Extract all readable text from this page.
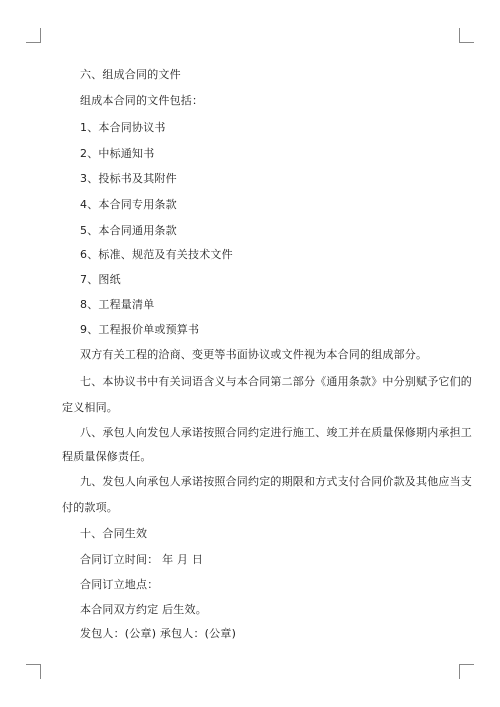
六、组成合同的文件
组成本合同的文件包括：
1、本合同协议书
2、中标通知书
3、投标书及其附件
4、本合同专用条款
5、本合同通用条款
6、标准、规范及有关技术文件
7、图纸
8、工程量清单
9、工程报价单或预算书
双方有关工程的洽商、变更等书面协议或文件视为本合同的组成部分。
七、本协议书中有关词语含义与本合同第二部分《通用条款》中分别赋予它们的
定义相同。
八、承包人向发包人承诺按照合同约定进行施工、竣工并在质量保修期内承担工
程质量保修责任。
九、发包人向承包人承诺按照合同约定的期限和方式支付合同价款及其他应当支
付的款项。
十、合同生效
合同订立时间： 年 月 日
合同订立地点：
本合同双方约定 后生效。
发包人：(公章) 承包人：(公章)
